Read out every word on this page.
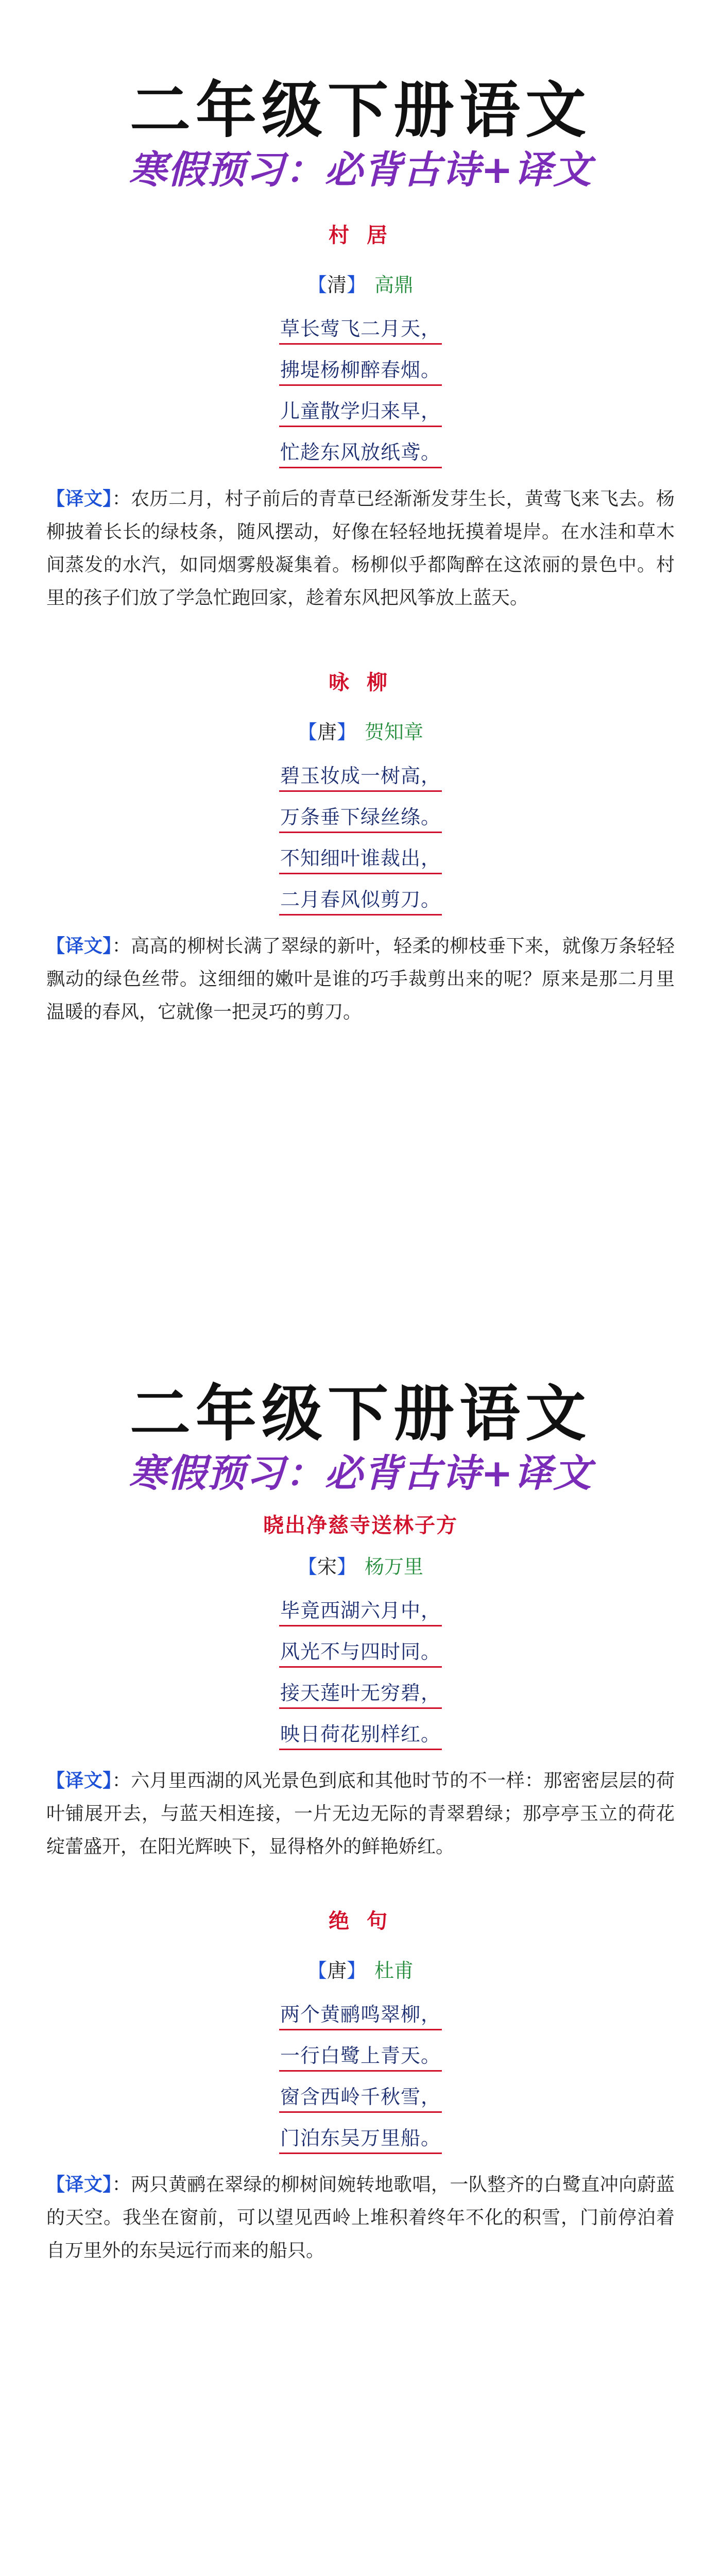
二年级下册语文
寒假预习：必背古诗+译文
村 居
【清】 高鼎
草长莺飞二月天，
拂堤杨柳醉春烟。
儿童散学归来早，
忙趁东风放纸鸢。
【译文】：农历二月，村子前后的青草已经渐渐发芽生长，黄莺飞来飞去。杨柳披着长长的绿枝条，随风摆动，好像在轻轻地抚摸着堤岸。在水洼和草木间蒸发的水汽，如同烟雾般凝集着。杨柳似乎都陶醉在这浓丽的景色中。村里的孩子们放了学急忙跑回家，趁着东风把风筝放上蓝天。
咏 柳
【唐】 贺知章
碧玉妆成一树高，
万条垂下绿丝绦。
不知细叶谁裁出，
二月春风似剪刀。
【译文】：高高的柳树长满了翠绿的新叶，轻柔的柳枝垂下来，就像万条轻轻飘动的绿色丝带。这细细的嫩叶是谁的巧手裁剪出来的呢？原来是那二月里温暖的春风，它就像一把灵巧的剪刀。
二年级下册语文
寒假预习：必背古诗+译文
晓出净慈寺送林子方
【宋】 杨万里
毕竟西湖六月中，
风光不与四时同。
接天莲叶无穷碧，
映日荷花别样红。
【译文】：六月里西湖的风光景色到底和其他时节的不一样：那密密层层的荷叶铺展开去，与蓝天相连接，一片无边无际的青翠碧绿；那亭亭玉立的荷花绽蕾盛开，在阳光辉映下，显得格外的鲜艳娇红。
绝 句
【唐】 杜甫
两个黄鹂鸣翠柳，
一行白鹭上青天。
窗含西岭千秋雪，
门泊东吴万里船。
【译文】：两只黄鹂在翠绿的柳树间婉转地歌唱，一队整齐的白鹭直冲向蔚蓝的天空。我坐在窗前，可以望见西岭上堆积着终年不化的积雪，门前停泊着自万里外的东吴远行而来的船只。
